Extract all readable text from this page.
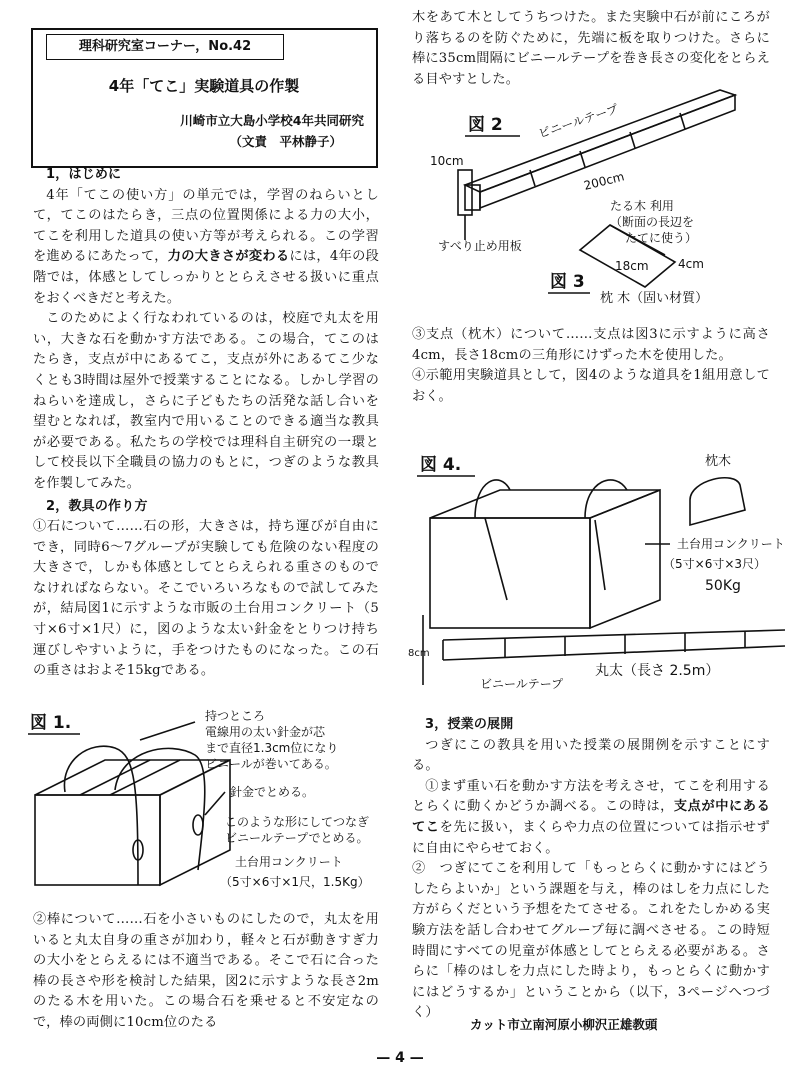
理科研究室コーナー，No.42
4年「てこ」実験道具の作製
川崎市立大島小学校4年共同研究
（文責　平林静子）

1，はじめに

4年「てこの使い方」の単元では，学習のねらいとして，てこのはたらき，三点の位置関係による力の大小，てこを利用した道具の使い方等が考えられる。この学習を進めるにあたって，力の大きさが変わるには，4年の段階では，体感としてしっかりととらえさせる扱いに重点をおくべきだと考えた。

このためによく行なわれているのは，校庭で丸太を用い，大きな石を動かす方法である。この場合，てこのはたらき，支点が中にあるてこ，支点が外にあるてこ少なくとも3時間は屋外で授業することになる。しかし学習のねらいを達成し，さらに子どもたちの活発な話し合いを望むとなれば，教室内で用いることのできる適当な教具が必要である。私たちの学校では理科自主研究の一環として校長以下全職員の協力のもとに，つぎのような教具を作製してみた。

2，教具の作り方

①石について……石の形，大きさは，持ち運びが自由にでき，同時6～7グループが実験しても危険のない程度の大きさで，しかも体感としてとらえられる重さのものでなければならない。そこでいろいろなもので試してみたが，結局図1に示すような市販の土台用コンクリート（5寸×6寸×1尺）に，図のような太い針金をとりつけ持ち運びしやすいように，手をつけたものになった。この石の重さはおよそ15kgである。

図 1.	持つところ
電線用の太い針金が芯
まで直径1.3cm位になり
ビニールが巻いてある。
針金でとめる。
このような形にしてつなぎ
ビニールテープでとめる。
土台用コンクリート
（5寸×6寸×1尺，1.5Kg）

②棒について……石を小さいものにしたので，丸太を用いると丸太自身の重さが加わり，軽々と石が動きすぎ力の大小をとらえるには不適当である。そこで石に合った棒の長さや形を検討した結果，図2に示すような長さ2mのたる木を用いた。この場合石を乗せると不安定なので，棒の両側に10cm位のたる

木をあて木としてうちつけた。また実験中石が前にころがり落ちるのを防ぐために，先端に板を取りつけた。さらに棒に35cm間隔にビニールテープを巻き長さの変化をとらえる目やすとした。

図 2	ビニールテープ
10cm
200cm
たる木 利用
（断面の長辺を
たてに使う）
すべり止め用板
18cm 4cm
図 3
枕 木（固い材質）

③支点（枕木）について……支点は図3に示すように高さ4cm，長さ18cmの三角形にけずった木を使用した。

④示範用実験道具として，図4のような道具を1組用意しておく。

図 4.	枕木
土台用コンクリート
（5寸×6寸×3尺）
50Kg
8cm
丸太（長さ 2.5m）
ビニールテープ

3，授業の展開

つぎにこの教具を用いた授業の展開例を示すことにする。

①まず重い石を動かす方法を考えさせ，てこを利用するとらくに動くかどうか調べる。この時は，支点が中にあるてこを先に扱い，まくらや力点の位置については指示せずに自由にやらせておく。

②　つぎにてこを利用して「もっとらくに動かすにはどうしたらよいか」という課題を与え，棒のはしを力点にした方がらくだという予想をたてさせる。これをたしかめる実験方法を話し合わせてグループ毎に調べさせる。この時短時間にすべての児童が体感としてとらえる必要がある。さらに「棒のはしを力点にした時より，もっとらくに動かすにはどうするか」ということから（以下，3ページへつづく）

カット市立南河原小柳沢正雄教頭
— 4 —
